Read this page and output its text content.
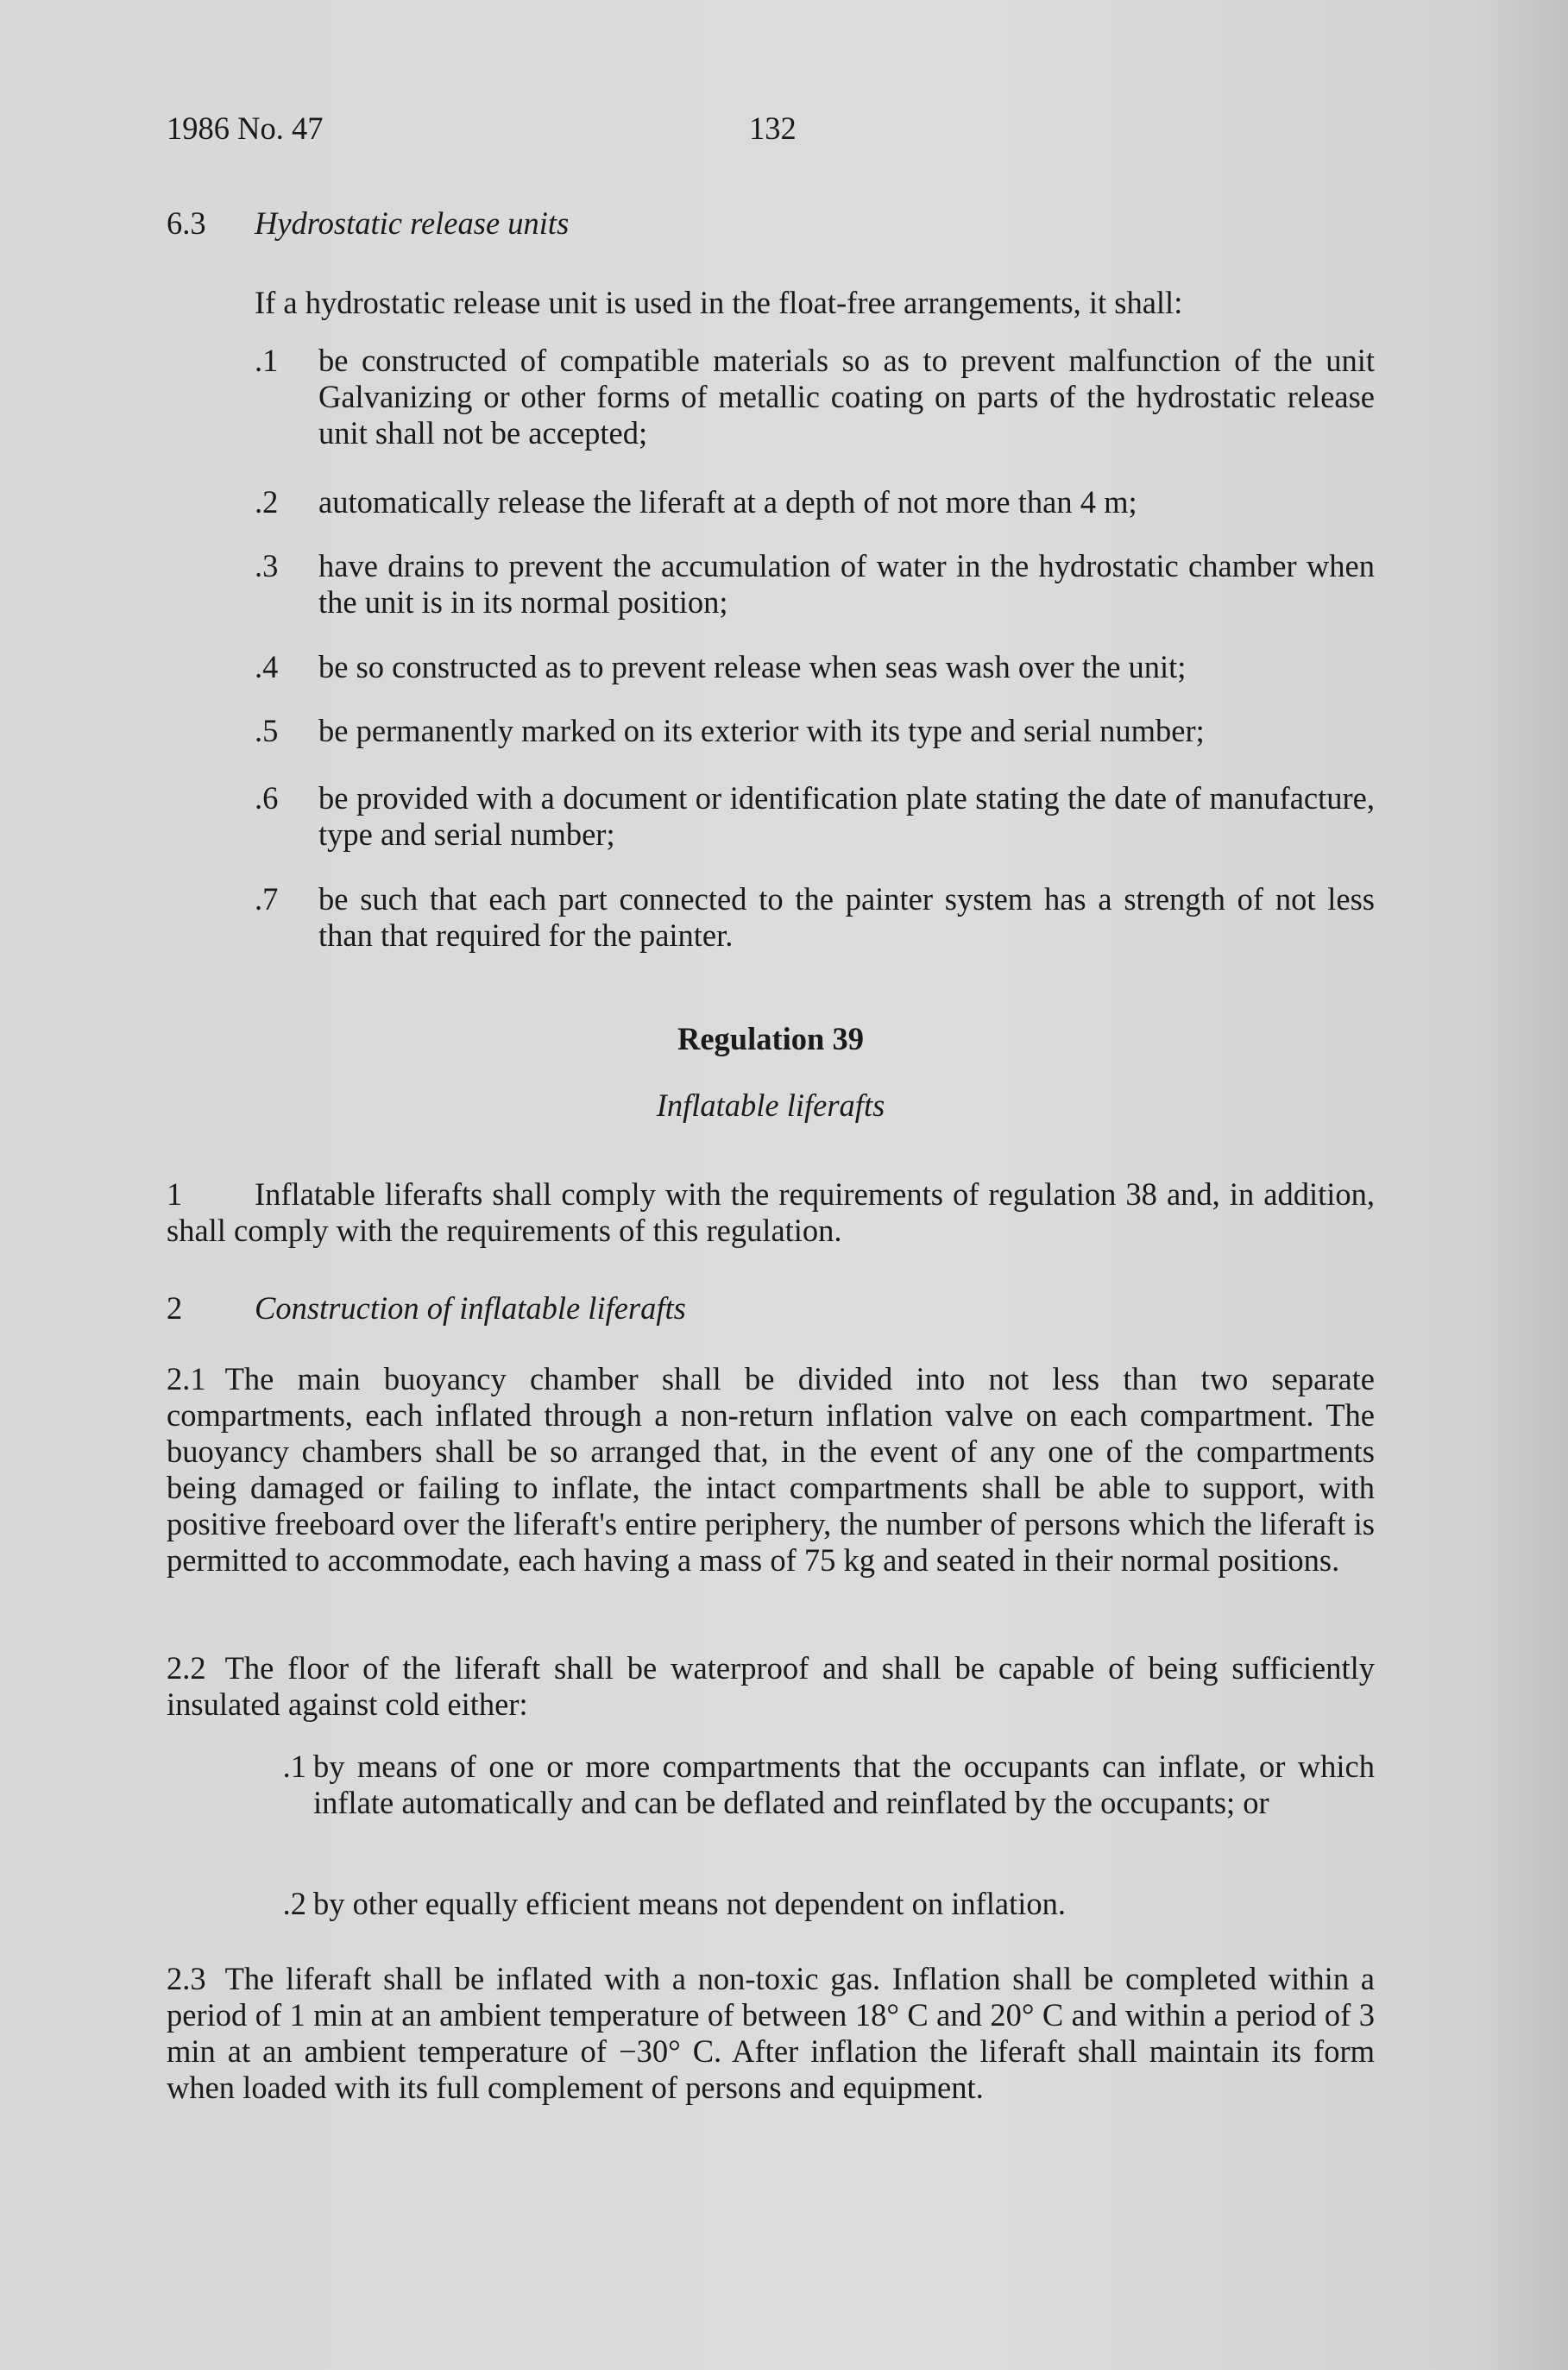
1986 No. 47	132
6.3 Hydrostatic release units
If a hydrostatic release unit is used in the float-free arrangements, it shall:
.1	be constructed of compatible materials so as to prevent malfunction of the unit Galvanizing or other forms of metallic coating on parts of the hydrostatic release unit shall not be accepted;
.2	automatically release the liferaft at a depth of not more than 4 m;
.3	have drains to prevent the accumulation of water in the hydrostatic chamber when the unit is in its normal position;
.4	be so constructed as to prevent release when seas wash over the unit;
.5	be permanently marked on its exterior with its type and serial number;
.6	be provided with a document or identification plate stating the date of manufacture, type and serial number;
.7	be such that each part connected to the painter system has a strength of not less than that required for the painter.
Regulation 39
Inflatable liferafts
1 Inflatable liferafts shall comply with the requirements of regulation 38 and, in addition, shall comply with the requirements of this regulation.
2 Construction of inflatable liferafts
2.1 The main buoyancy chamber shall be divided into not less than two separate compartments, each inflated through a non-return inflation valve on each compartment. The buoyancy chambers shall be so arranged that, in the event of any one of the compartments being damaged or failing to inflate, the intact compartments shall be able to support, with positive freeboard over the liferaft's entire periphery, the number of persons which the liferaft is permitted to accommodate, each having a mass of 75 kg and seated in their normal positions.
2.2 The floor of the liferaft shall be waterproof and shall be capable of being sufficiently insulated against cold either:
.1 by means of one or more compartments that the occupants can inflate, or which inflate automatically and can be deflated and reinflated by the occupants; or
.2 by other equally efficient means not dependent on inflation.
2.3 The liferaft shall be inflated with a non-toxic gas. Inflation shall be completed within a period of 1 min at an ambient temperature of between 18° C and 20° C and within a period of 3 min at an ambient temperature of −30° C. After inflation the liferaft shall maintain its form when loaded with its full complement of persons and equipment.
